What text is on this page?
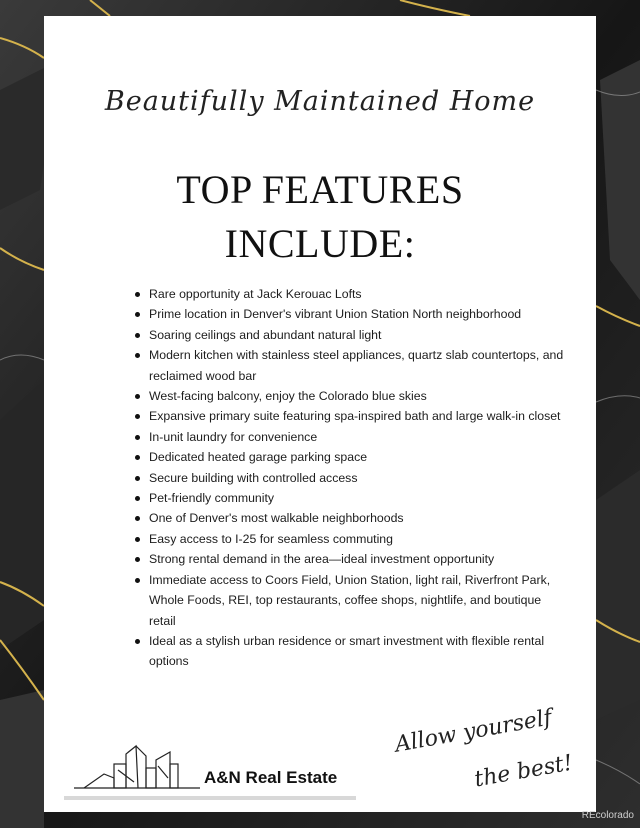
Beautifully Maintained Home
TOP FEATURES
INCLUDE:
Rare opportunity at Jack Kerouac Lofts
Prime location in Denver's vibrant Union Station North neighborhood
Soaring ceilings and abundant natural light
Modern kitchen with stainless steel appliances, quartz slab countertops, and reclaimed wood bar
West-facing balcony, enjoy the Colorado blue skies
Expansive primary suite featuring spa-inspired bath and large walk-in closet
In-unit laundry for convenience
Dedicated heated garage parking space
Secure building with controlled access
Pet-friendly community
One of Denver's most walkable neighborhoods
Easy access to I-25 for seamless commuting
Strong rental demand in the area—ideal investment opportunity
Immediate access to Coors Field, Union Station, light rail, Riverfront Park, Whole Foods, REI, top restaurants, coffee shops, nightlife, and boutique retail
Ideal as a stylish urban residence or smart investment with flexible rental options
Allow yourself
the best!
A&N Real Estate
REcolorado
